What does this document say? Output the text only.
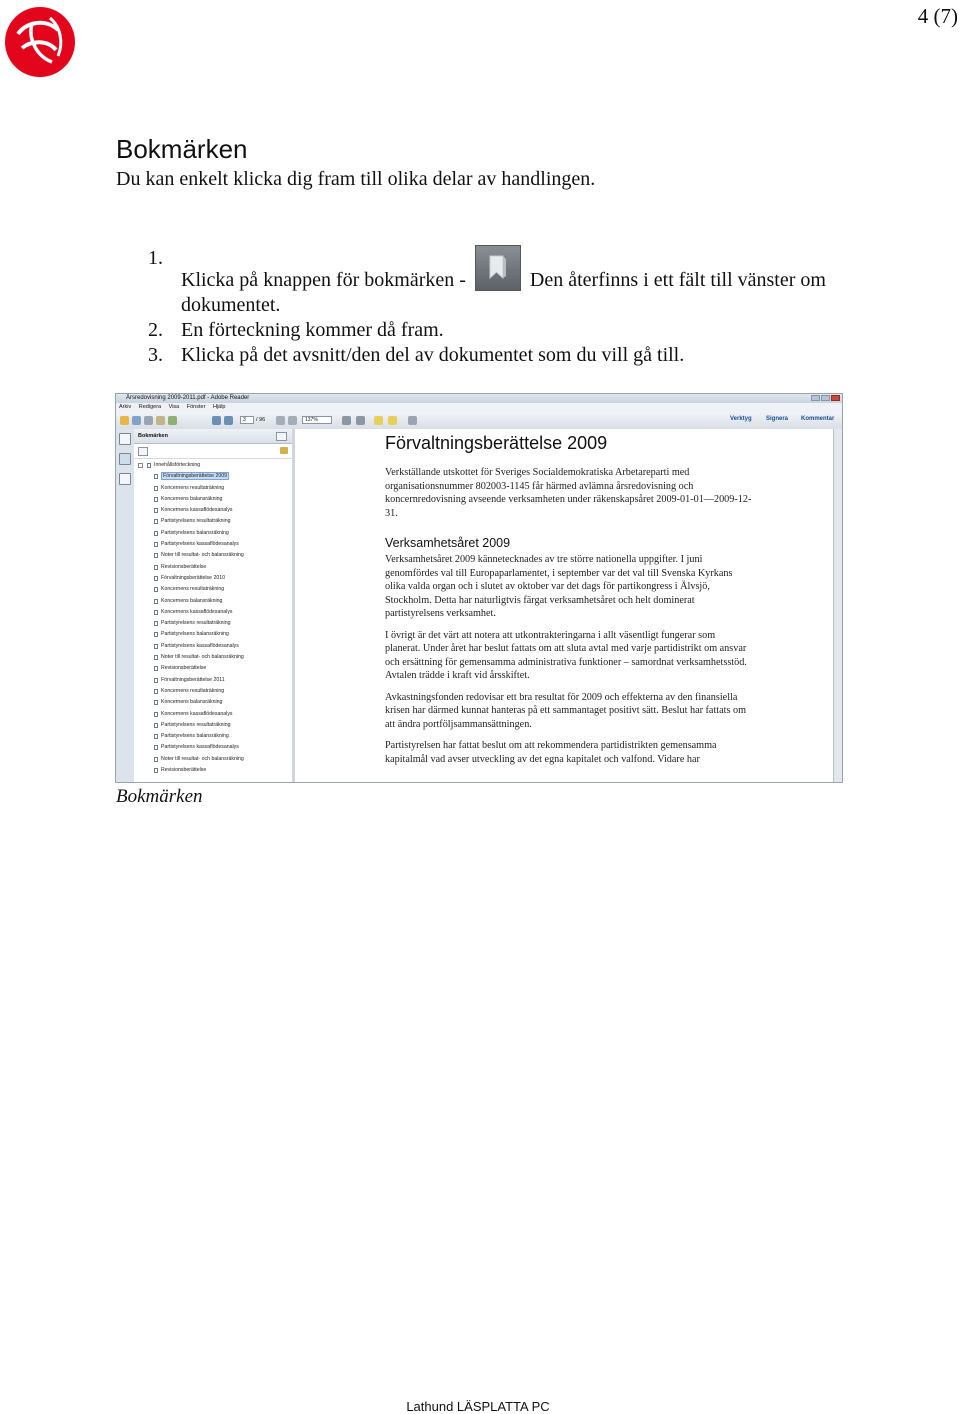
4 (7)
Bokmärken
Du kan enkelt klicka dig fram till olika delar av handlingen.
1.
Klicka på knappen för bokmärken -	Den återfinns i ett fält till vänster om dokumentet.
2. En förteckning kommer då fram.
3. Klicka på det avsnitt/den del av dokumentet som du vill gå till.
Årsredovisning 2009-2011.pdf - Adobe Reader
Arkiv Redigera Visa Fönster Hjälp
3	/ 96	137%	Verktyg Signera Kommentar
Bokmärken
Innehållsförteckning
Förvaltningsberättelse 2009
Koncernens resultaträkning
Koncernens balansräkning
Koncernens kassaflödesanalys
Partistyrelsens resultaträkning
Partistyrelsens balansräkning
Partistyrelsens kassaflödesanalys
Noter till resultat- och balansräkning
Revisionsberättelse
Förvaltningsberättelse 2010
Koncernens resultaträkning
Koncernens balansräkning
Koncernens kassaflödesanalys
Partistyrelsens resultaträkning
Partistyrelsens balansräkning
Partistyrelsens kassaflödesanalys
Noter till resultat- och balansräkning
Revisionsberättelse
Förvaltningsberättelse 2011
Koncernens resultaträkning
Koncernens balansräkning
Koncernens kassaflödesanalys
Partistyrelsens resultaträkning
Partistyrelsens balansräkning
Partistyrelsens kassaflödesanalys
Noter till resultat- och balansräkning
Revisionsberättelse
Förvaltningsberättelse 2009
Verkställande utskottet för Sveriges Socialdemokratiska Arbetareparti med organisationsnummer 802003-1145 får härmed avlämna årsredovisning och koncernredovisning avseende verksamheten under räkenskapsåret 2009-01-01—2009-12-31.
Verksamhetsåret 2009
Verksamhetsåret 2009 kännetecknades av tre större nationella uppgifter. I juni genomfördes val till Europaparlamentet, i september var det val till Svenska Kyrkans olika valda organ och i slutet av oktober var det dags för partikongress i Älvsjö, Stockholm. Detta har naturligtvis färgat verksamhetsåret och helt dominerat partistyrelsens verksamhet.
I övrigt är det värt att notera att utkontrakteringarna i allt väsentligt fungerar som planerat. Under året har beslut fattats om att sluta avtal med varje partidistrikt om ansvar och ersättning för gemensamma administrativa funktioner – samordnat verksamhetsstöd. Avtalen trädde i kraft vid årsskiftet.
Avkastningsfonden redovisar ett bra resultat för 2009 och effekterna av den finansiella krisen har därmed kunnat hanteras på ett sammantaget positivt sätt. Beslut har fattats om att ändra portföljsammansättningen.
Partistyrelsen har fattat beslut om att rekommendera partidistrikten gemensamma kapitalmål vad avser utveckling av det egna kapitalet och valfond. Vidare har
Bokmärken
Lathund LÄSPLATTA PC
